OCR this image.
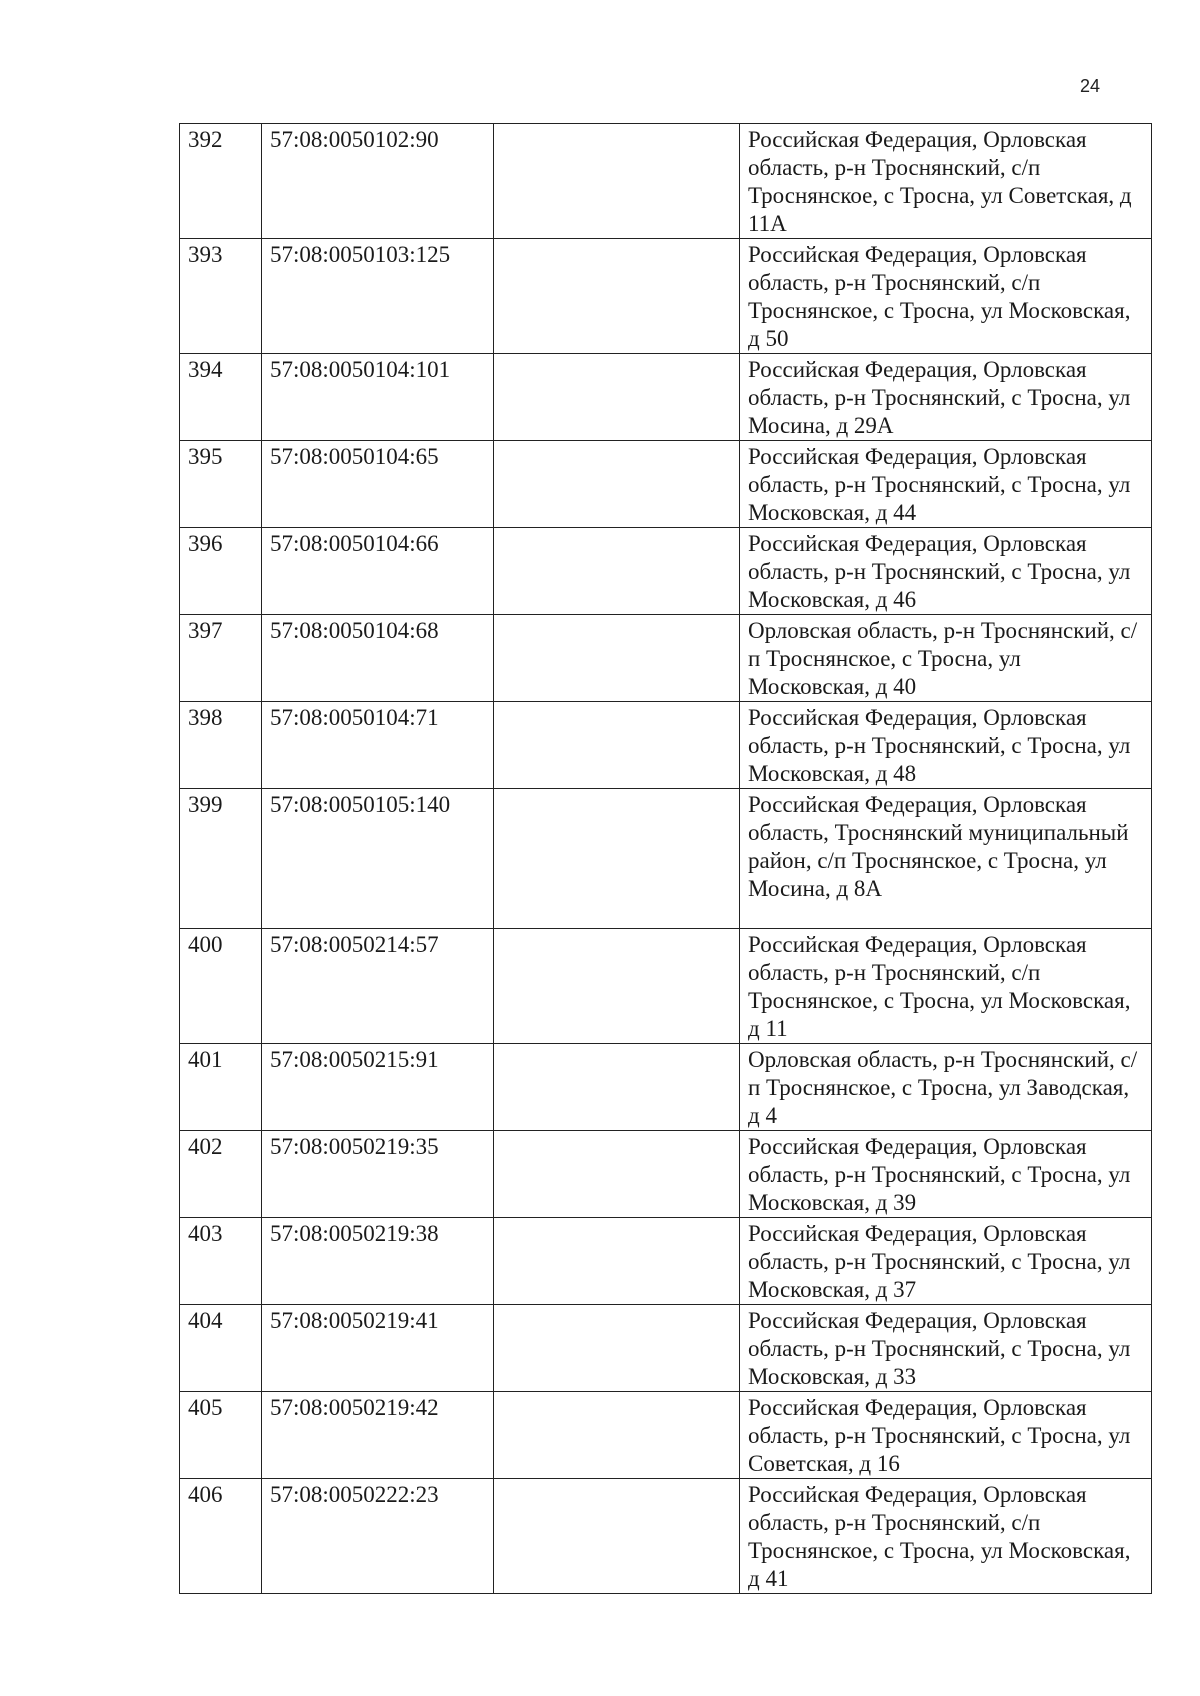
24
392	57:08:0050102:90		Российская Федерация, Орловская область, р-н Троснянский, с/п Троснянское, с Тросна, ул Советская, д 11А
393	57:08:0050103:125		Российская Федерация, Орловская область, р-н Троснянский, с/п Троснянское, с Тросна, ул Московская, д 50
394	57:08:0050104:101		Российская Федерация, Орловская область, р-н Троснянский, с Тросна, ул Мосина, д 29А
395	57:08:0050104:65		Российская Федерация, Орловская область, р-н Троснянский, с Тросна, ул Московская, д 44
396	57:08:0050104:66		Российская Федерация, Орловская область, р-н Троснянский, с Тросна, ул Московская, д 46
397	57:08:0050104:68		Орловская область, р-н Троснянский, с/п Троснянское, с Тросна, ул Московская, д 40
398	57:08:0050104:71		Российская Федерация, Орловская область, р-н Троснянский, с Тросна, ул Московская, д 48
399	57:08:0050105:140		Российская Федерация, Орловская область, Троснянский муниципальный район, с/п Троснянское, с Тросна, ул Мосина, д 8А
400	57:08:0050214:57		Российская Федерация, Орловская область, р-н Троснянский, с/п Троснянское, с Тросна, ул Московская, д 11
401	57:08:0050215:91		Орловская область, р-н Троснянский, с/п Троснянское, с Тросна, ул Заводская, д 4
402	57:08:0050219:35		Российская Федерация, Орловская область, р-н Троснянский, с Тросна, ул Московская, д 39
403	57:08:0050219:38		Российская Федерация, Орловская область, р-н Троснянский, с Тросна, ул Московская, д 37
404	57:08:0050219:41		Российская Федерация, Орловская область, р-н Троснянский, с Тросна, ул Московская, д 33
405	57:08:0050219:42		Российская Федерация, Орловская область, р-н Троснянский, с Тросна, ул Советская, д 16
406	57:08:0050222:23		Российская Федерация, Орловская область, р-н Троснянский, с/п Троснянское, с Тросна, ул Московская, д 41
